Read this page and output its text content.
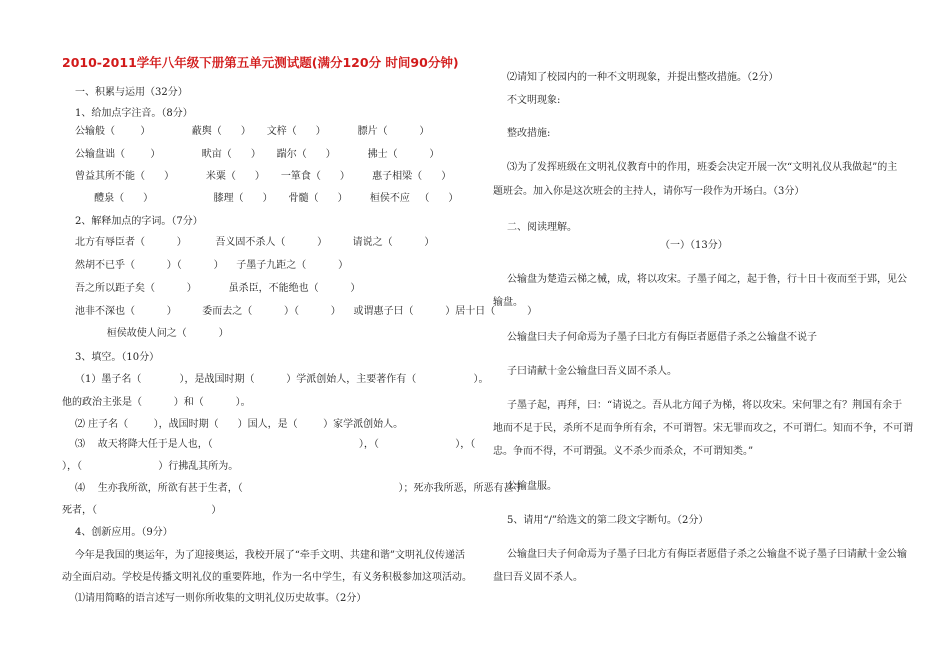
2010-2011学年八年级下册第五单元测试题(满分120分 时间90分钟)
一、积累与运用（32分）
1、给加点字注音。（8分）
公输般（        ）             蔽舆（      ）     文梓（      ）          膘片（          ）
公输盘诎（        ）             畎亩（      ）     踹尔（      ）          拂士（          ）
曾益其所不能（      ）          米粟（      ）     一箪食（      ）       惠子相梁（      ）
醴泉（      ）                   膝理（      ）     骨髓（      ）       桓侯不应   （      ）
2、解释加点的字词。（7分）
北方有辱臣者（          ）         吾义固不杀人（          ）        请说之（          ）
然胡不已乎（          ）（          ）    子墨子九距之（          ）
吾之所以距子矣（          ）          虽杀臣，不能绝也（          ）
池非不深也（          ）        委而去之（          ）（          ）    或谓惠子曰（          ）居十日（          ）
桓侯故使人问之（          ）
3、填空。（10分）
（1）墨子名（            ），是战国时期（          ）学派创始人，主要著作有（                  ）。
他的政治主张是（          ）和（          ）。
⑵ 庄子名（        ），战国时期（      ）国人，是（        ）家学派创始人。
⑶    故天将降大任于是人也，（                                              ），（                        ），（
），（                        ）行拂乱其所为。
⑷    生亦我所欲，所欲有甚于生者，（                                                 ）；死亦我所恶，所恶有甚于
死者，（                                    ）
4、创新应用。（9分）
今年是我国的奥运年，为了迎接奥运，我校开展了“牵手文明、共建和谐”文明礼仪传递活
动全面启动。学校是传播文明礼仪的重要阵地，作为一名中学生，有义务积极参加这项活动。
⑴请用简略的语言述写一则你所收集的文明礼仪历史故事。（2分）
⑵请知了校园内的一种不文明现象，并提出整改措施。（2分）
不文明现象:
整改措施:
⑶为了发挥班级在文明礼仪教育中的作用，班委会决定开展一次“文明礼仪从我做起”的主
题班会。加入你是这次班会的主持人，请你写一段作为开场白。（3分）
二、阅读理解。
（一）（13分）
公输盘为楚造云梯之械，成，将以攻宋。子墨子闻之，起于鲁，行十日十夜而至于郢，见公
输盘。
公输盘曰夫子何命焉为子墨子曰北方有侮臣者愿借子杀之公输盘不说子
子曰请献十金公输盘曰吾义固不杀人。
子墨子起，再拜，曰：“请说之。吾从北方闻子为梯，将以攻宋。宋何罪之有？荆国有余于
地而不足于民，杀所不足而争所有余，不可谓智。宋无罪而攻之，不可谓仁。知而不争，不可谓
忠。争而不得，不可谓强。义不杀少而杀众，不可谓知类。”
公输盘服。
5、请用“/”给选文的第二段文字断句。（2分）
公输盘曰夫子何命焉为子墨子曰北方有侮臣者愿借子杀之公输盘不说子墨子曰请献十金公输
盘曰吾义固不杀人。
